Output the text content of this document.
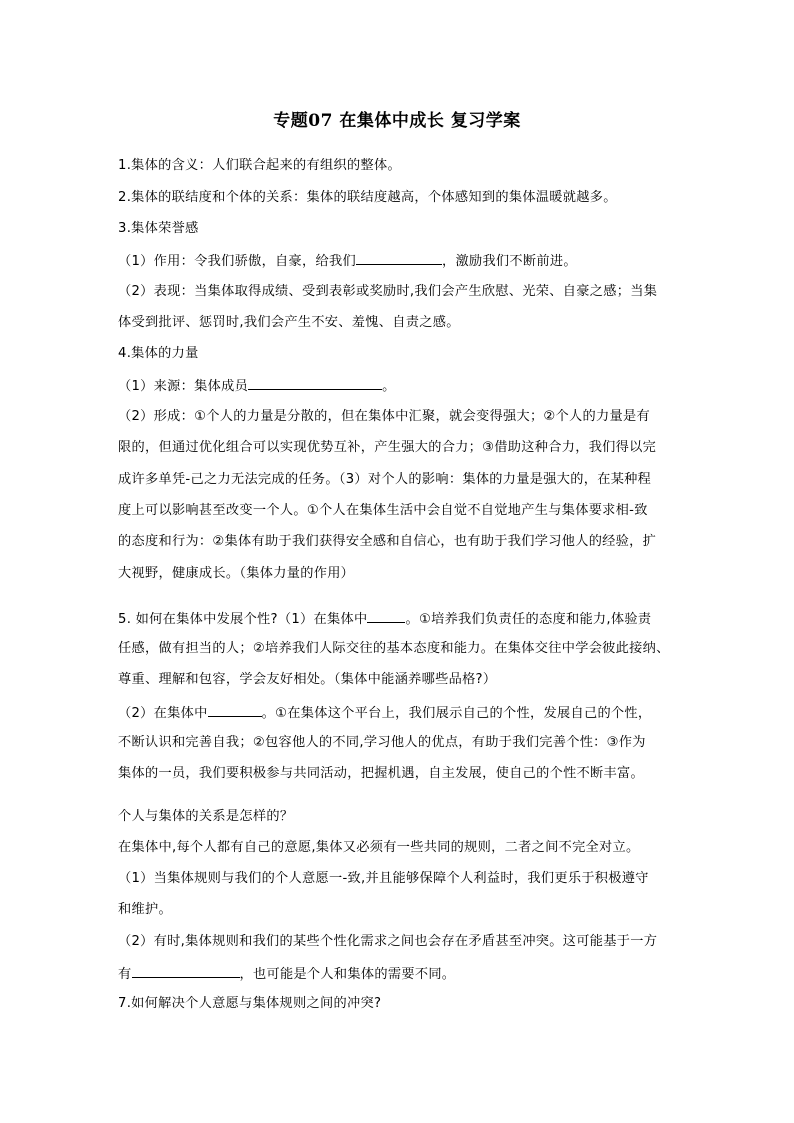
专题07 在集体中成长 复习学案
1.集体的含义：人们联合起来的有组织的整体。
2.集体的联结度和个体的关系：集体的联结度越高，个体感知到的集体温暖就越多。
3.集体荣誉感
（1）作用：令我们骄傲，自豪，给我们	，激励我们不断前进。
（2）表现：当集体取得成绩、受到表彰或奖励时,我们会产生欣慰、光荣、自豪之感；当集
体受到批评、惩罚时,我们会产生不安、羞愧、自责之感。
4.集体的力量
（1）来源：集体成员	。
（2）形成：①个人的力量是分散的，但在集体中汇聚，就会变得强大；②个人的力量是有
限的，但通过优化组合可以实现优势互补，产生强大的合力；③借助这种合力，我们得以完
成许多单凭-己之力无法完成的任务。（3）对个人的影响：集体的力量是强大的，在某种程
度上可以影响甚至改变一个人。①个人在集体生活中会自觉不自觉地产生与集体要求相-致
的态度和行为：②集体有助于我们获得安全感和自信心，也有助于我们学习他人的经验，扩
大视野，健康成长。（集体力量的作用）
5. 如何在集体中发展个性?（1）在集体中	。①培养我们负责任的态度和能力,体验责
任感，做有担当的人；②培养我们人际交往的基本态度和能力。在集体交往中学会彼此接纳、
尊重、理解和包容，学会友好相处。（集体中能涵养哪些品格?）
（2）在集体中	。①在集体这个平台上，我们展示自己的个性，发展自己的个性，
不断认识和完善自我；②包容他人的不同,学习他人的优点，有助于我们完善个性：③作为
集体的一员，我们要积极参与共同活动，把握机遇，自主发展，使自己的个性不断丰富。
个人与集体的关系是怎样的？
在集体中,每个人都有自己的意愿,集体又必须有一些共同的规则，二者之间不完全对立。
（1）当集体规则与我们的个人意愿一-致,并且能够保障个人利益时，我们更乐于积极遵守
和维护。
（2）有时,集体规则和我们的某些个性化需求之间也会存在矛盾甚至冲突。这可能基于一方
有	，也可能是个人和集体的需要不同。
7.如何解决个人意愿与集体规则之间的冲突?
